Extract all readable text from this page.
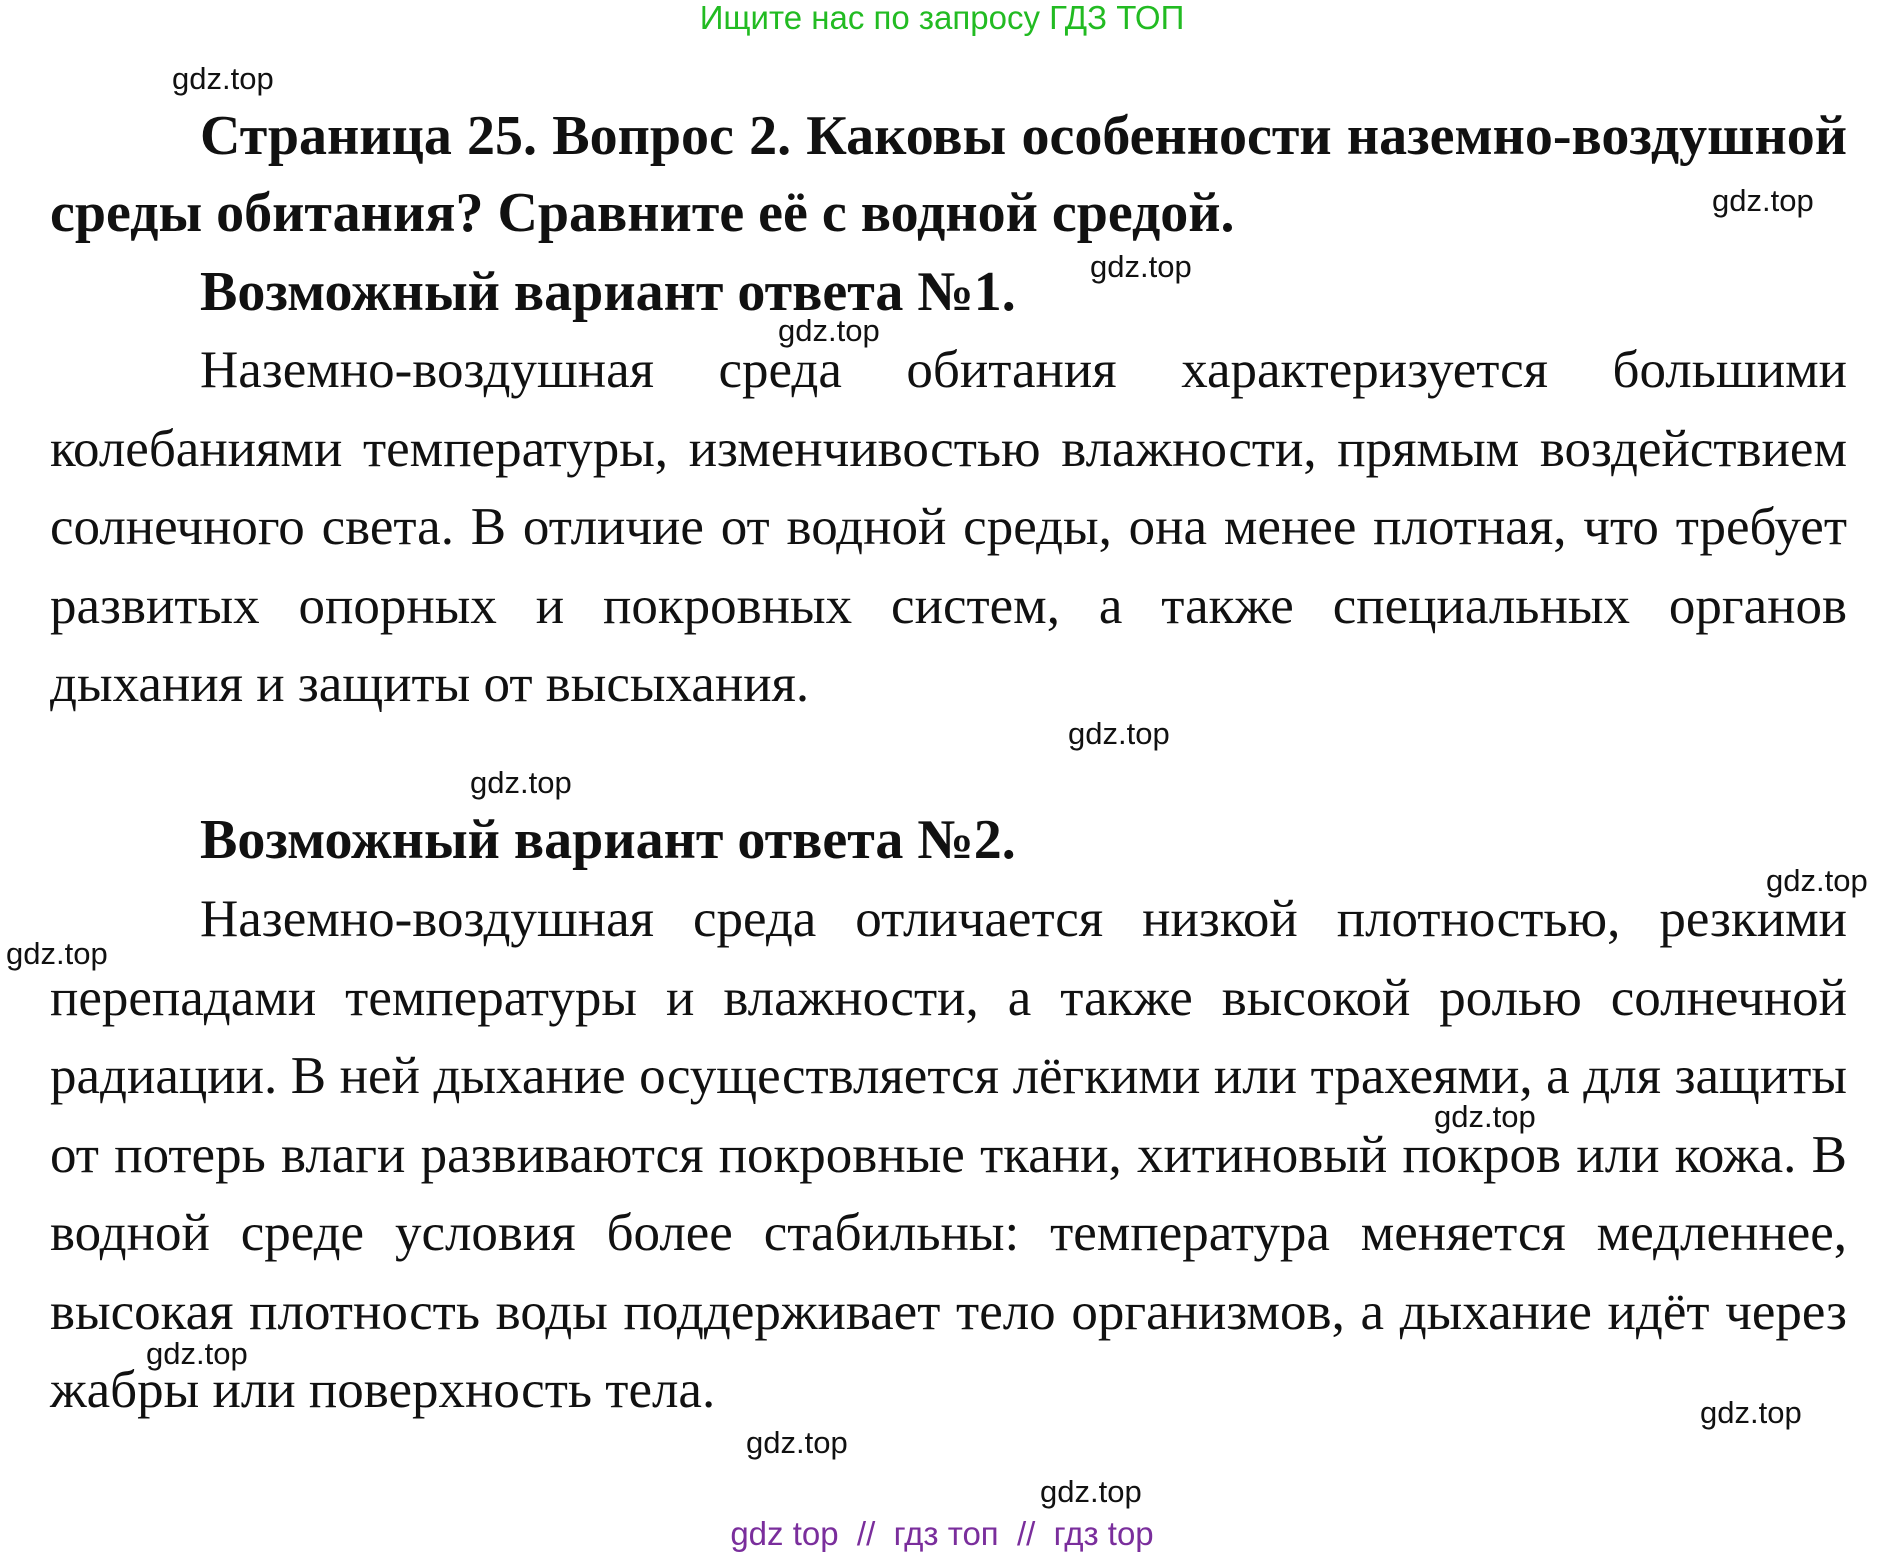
Ищите нас по запросу ГДЗ ТОП

Страница 25. Вопрос 2. Каковы особенности наземно-воздушной среды обитания? Сравните её с водной средой.

Возможный вариант ответа №1.

Наземно-воздушная среда обитания характеризуется большими колебаниями температуры, изменчивостью влажности, прямым воздействием солнечного света. В отличие от водной среды, она менее плотная, что требует развитых опорных и покровных систем, а также специальных органов дыхания и защиты от высыхания.

Возможный вариант ответа №2.

Наземно-воздушная среда отличается низкой плотностью, резкими перепадами температуры и влажности, а также высокой ролью солнечной радиации. В ней дыхание осуществляется лёгкими или трахеями, а для защиты от потерь влаги развиваются покровные ткани, хитиновый покров или кожа. В водной среде условия более стабильны: температура меняется медленнее, высокая плотность воды поддерживает тело организмов, а дыхание идёт через жабры или поверхность тела.

gdz.top
gdz.top
gdz.top
gdz.top
gdz.top
gdz.top
gdz.top
gdz.top
gdz.top
gdz.top
gdz.top
gdz.top
gdz top  //  гдз топ  //  гдз top
gdz.top
